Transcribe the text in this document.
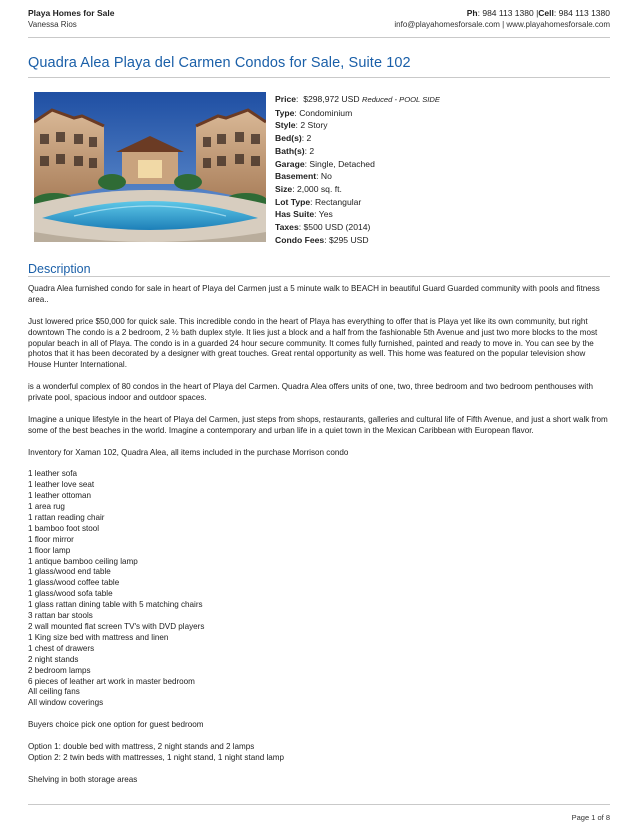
Playa Homes for Sale
Vanessa Rios
Ph: 984 113 1380 |Cell: 984 113 1380
info@playahomesforsale.com | www.playahomesforsale.com
Quadra Alea Playa del Carmen Condos for Sale, Suite 102
Price:  $298,972 USD Reduced - POOL SIDE
Type: Condominium
Style: 2 Story
Bed(s): 2
Bath(s): 2
Garage: Single, Detached
Basement: No
Size: 2,000 sq. ft.
Lot Type: Rectangular
Has Suite: Yes
Taxes: $500 USD (2014)
Condo Fees: $295 USD
Description

Quadra Alea furnished condo for sale in heart of Playa del Carmen just a 5 minute walk to BEACH in beautiful Guard Guarded community with pools and fitness area..

Just lowered price $50,000 for quick sale. This incredible condo in the heart of Playa has everything to offer that is Playa yet like its own community, but right downtown The condo is a 2 bedroom, 2 ½ bath duplex style. It lies just a block and a half from the fashionable 5th Avenue and just two more blocks to the most popular beach in all of Playa. The condo is in a guarded 24 hour secure community. It comes fully furnished, painted and ready to move in. You can see by the photos that it has been decorated by a designer with great touches. Great rental opportunity as well. This home was featured on the popular television show House Hunter International.

is a wonderful complex of 80 condos in the heart of Playa del Carmen. Quadra Alea offers units of one, two, three bedroom and two bedroom penthouses with private pool, spacious indoor and outdoor spaces.

Imagine a unique lifestyle in the heart of Playa del Carmen, just steps from shops, restaurants, galleries and cultural life of Fifth Avenue, and just a short walk from some of the best beaches in the world. Imagine a contemporary and urban life in a quiet town in the Mexican Caribbean with European flavor.

Inventory for Xaman 102, Quadra Alea, all items included in the purchase Morrison condo

1 leather sofa
1 leather love seat
1 leather ottoman
1 area rug
1 rattan reading chair
1 bamboo foot stool
1 floor mirror
1 floor lamp
1 antique bamboo ceiling lamp
1 glass/wood end table
1 glass/wood coffee table
1 glass/wood sofa table
1 glass rattan dining table with 5 matching chairs
3 rattan bar stools
2 wall mounted flat screen TV's with DVD players
1 King size bed with mattress and linen
1 chest of drawers
2 night stands
2 bedroom lamps
6 pieces of leather art work in master bedroom
All ceiling fans
All window coverings

Buyers choice pick one option for guest bedroom

Option 1: double bed with mattress, 2 night stands and 2 lamps
Option 2: 2 twin beds with mattresses, 1 night stand, 1 night stand lamp

Shelving in both storage areas

Page 1 of 8
